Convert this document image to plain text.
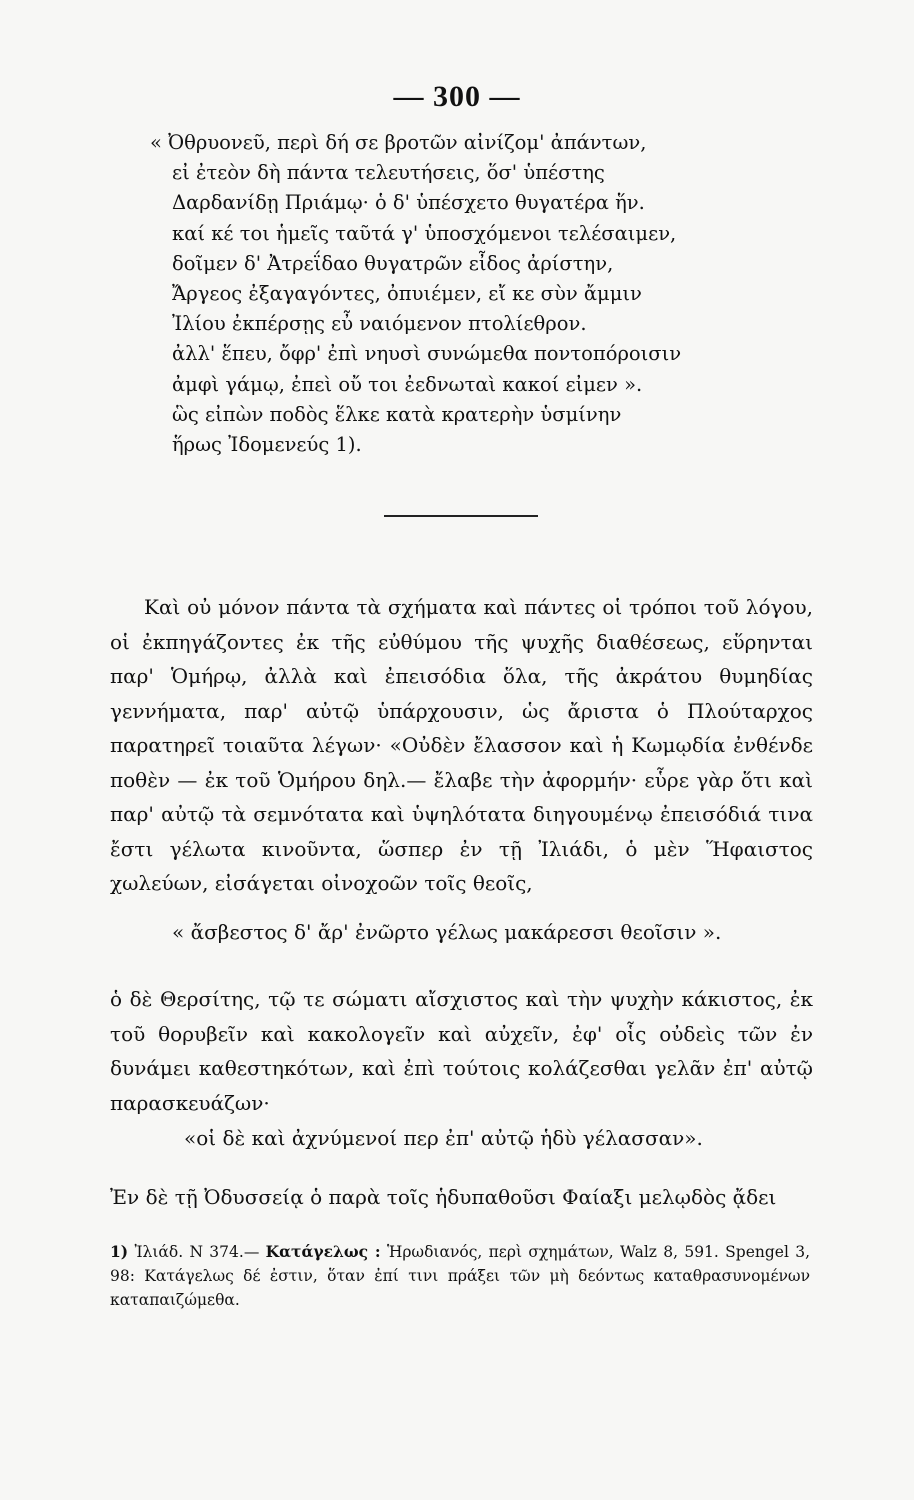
— 300 —
« Ὀθρυονεῦ, περὶ δή σε βροτῶν αἰνίζομ' ἀπάντων,
εἰ ἐτεὸν δὴ πάντα τελευτήσεις, ὅσ' ὑπέστης
Δαρδανίδῃ Πριάμῳ· ὁ δ' ὑπέσχετο θυγατέρα ἥν.
καί κέ τοι ἡμεῖς ταῦτά γ' ὑποσχόμενοι τελέσαιμεν,
δοῖμεν δ' Ἀτρεΐδαο θυγατρῶν εἶδος ἀρίστην,
Ἄργεος ἐξαγαγόντες, ὀπυιέμεν, εἴ κε σὺν ἄμμιν
Ἰλίου ἐκπέρσῃς εὖ ναιόμενον πτολίεθρον.
ἀλλ' ἕπευ, ὄφρ' ἐπὶ νηυσὶ συνώμεθα ποντοπόροισιν
ἀμφὶ γάμῳ, ἐπεὶ οὔ τοι ἐεδνωταὶ κακοί εἰμεν ».
ὣς εἰπὼν ποδὸς ἕλκε κατὰ κρατερὴν ὑσμίνην
ἥρως Ἰδομενεύς 1).
Καὶ οὐ μόνον πάντα τὰ σχήματα καὶ πάντες οἱ τρόποι τοῦ λόγου, οἱ ἐκπηγάζοντες ἐκ τῆς εὐθύμου τῆς ψυχῆς διαθέσεως, εὕρηνται παρ' Ὁμήρῳ, ἀλλὰ καὶ ἐπεισόδια ὅλα, τῆς ἀκράτου θυμηδίας γεννήματα, παρ' αὐτῷ ὑπάρχουσιν, ὡς ἄριστα ὁ Πλούταρχος παρατηρεῖ τοιαῦτα λέγων· «Οὐδὲν ἔλασσον καὶ ἡ Κωμῳδία ἐνθένδε ποθὲν — ἐκ τοῦ Ὁμήρου δηλ.— ἔλαβε τὴν ἀφορμήν· εὗρε γὰρ ὅτι καὶ παρ' αὐτῷ τὰ σεμνότατα καὶ ὑψηλότατα διηγουμένῳ ἐπεισόδιά τινα ἔστι γέλωτα κινοῦντα, ὥσπερ ἐν τῇ Ἰλιάδι, ὁ μὲν Ἥφαιστος χωλεύων, εἰσάγεται οἰνοχοῶν τοῖς θεοῖς,
« ἄσβεστος δ' ἄρ' ἐνῶρτο γέλως μακάρεσσι θεοῖσιν ».
ὁ δὲ Θερσίτης, τῷ τε σώματι αἴσχιστος καὶ τὴν ψυχὴν κάκιστος, ἐκ τοῦ θορυβεῖν καὶ κακολογεῖν καὶ αὐχεῖν, ἐφ' οἷς οὐδεὶς τῶν ἐν δυνάμει καθεστηκότων, καὶ ἐπὶ τούτοις κολάζεσθαι γελᾶν ἐπ' αὐτῷ παρασκευάζων·
«οἱ δὲ καὶ ἀχνύμενοί περ ἐπ' αὐτῷ ἡδὺ γέλασσαν».
Ἐν δὲ τῇ Ὀδυσσείᾳ ὁ παρὰ τοῖς ἡδυπαθοῦσι Φαίαξι μελῳδὸς ᾄδει
1) Ἰλιάδ. Ν 374.— Κατάγελως : Ἡρωδιανός, περὶ σχημάτων, Walz 8, 591. Spengel 3, 98: Κατάγελως δέ ἐστιν, ὅταν ἐπί τινι πράξει τῶν μὴ δεόντως καταθρασυνομένων καταπαιζώμεθα.
